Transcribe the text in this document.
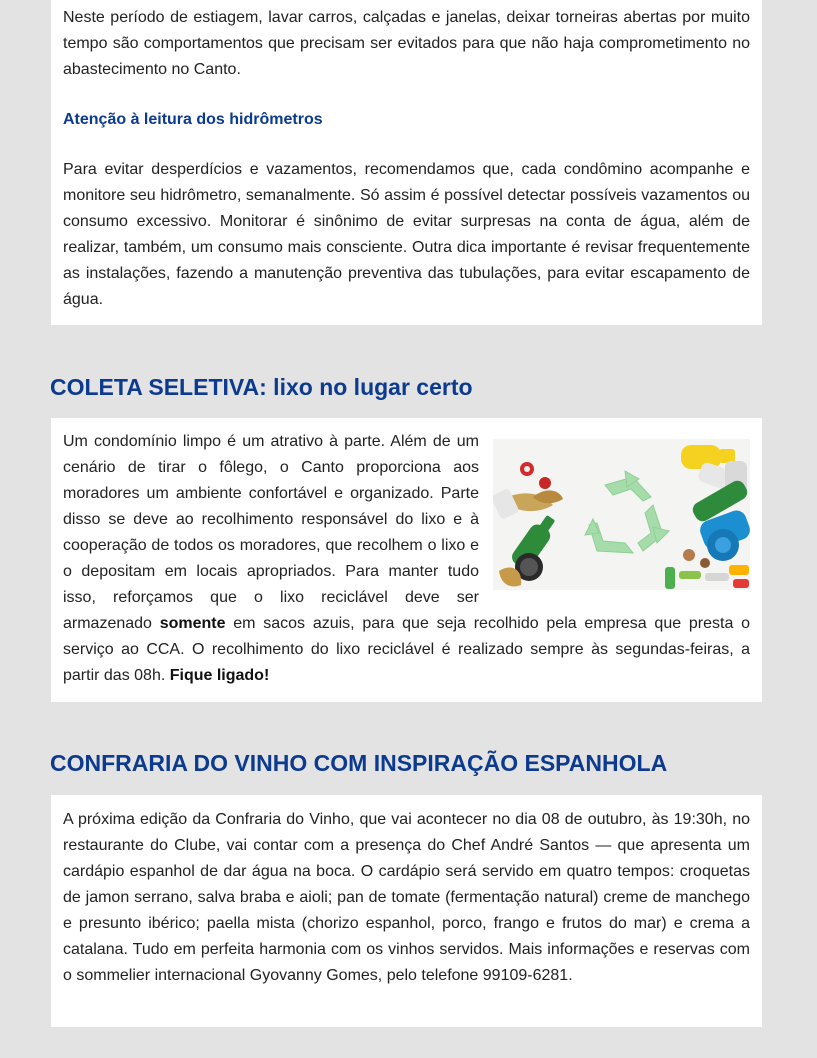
Neste período de estiagem, lavar carros, calçadas e janelas, deixar torneiras abertas por muito tempo são comportamentos que precisam ser evitados para que não haja comprometimento no abastecimento no Canto.

Atenção à leitura dos hidrômetros

Para evitar desperdícios e vazamentos, recomendamos que, cada condômino acompanhe e monitore seu hidrômetro, semanalmente. Só assim é possível detectar possíveis vazamentos ou consumo excessivo. Monitorar é sinônimo de evitar surpresas na conta de água, além de realizar, também, um consumo mais consciente. Outra dica importante é revisar frequentemente as instalações, fazendo a manutenção preventiva das tubulações, para evitar escapamento de água.

COLETA SELETIVA: lixo no lugar certo

Um condomínio limpo é um atrativo à parte. Além de um cenário de tirar o fôlego, o Canto proporciona aos moradores um ambiente confortável e organizado. Parte disso se deve ao recolhimento responsável do lixo e à cooperação de todos os moradores, que recolhem o lixo e o depositam em locais apropriados. Para manter tudo isso, reforçamos que o lixo reciclável deve ser armazenado somente em sacos azuis, para que seja recolhido pela empresa que presta o serviço ao CCA. O recolhimento do lixo reciclável é realizado sempre às segundas-feiras, a partir das 08h. Fique ligado!

CONFRARIA DO VINHO COM INSPIRAÇÃO ESPANHOLA

A próxima edição da Confraria do Vinho, que vai acontecer no dia 08 de outubro, às 19:30h, no restaurante do Clube, vai contar com a presença do Chef André Santos — que apresenta um cardápio espanhol de dar água na boca. O cardápio será servido em quatro tempos: croquetas de jamon serrano, salva braba e aioli; pan de tomate (fermentação natural) creme de manchego e presunto ibérico; paella mista (chorizo espanhol, porco, frango e frutos do mar) e crema a catalana. Tudo em perfeita harmonia com os vinhos servidos. Mais informações e reservas com o sommelier internacional Gyovanny Gomes, pelo telefone 99109-6281.
